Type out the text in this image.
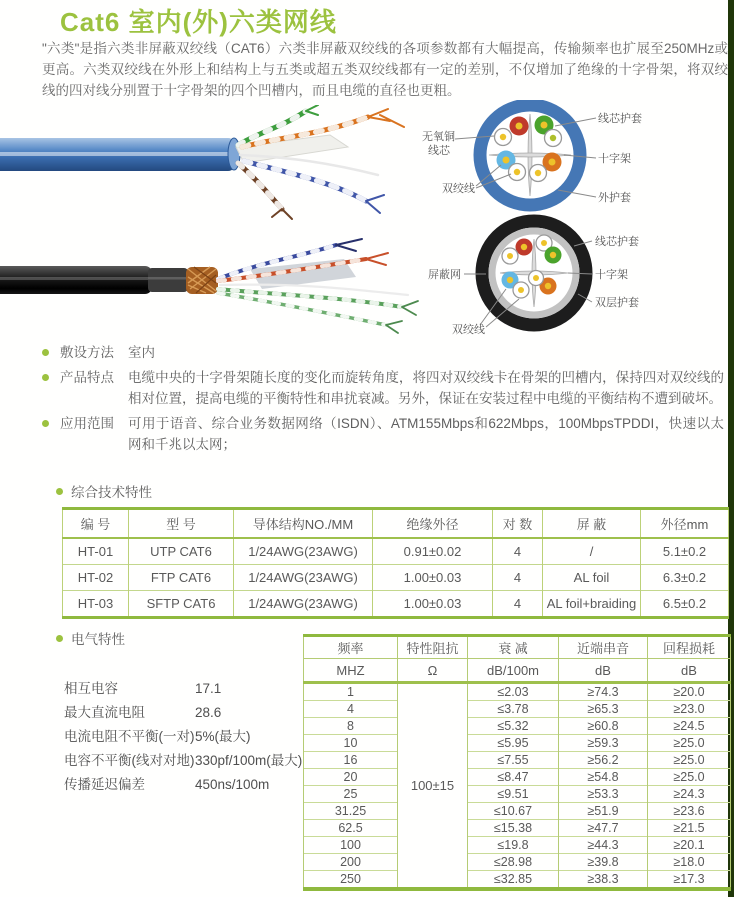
Cat6 室内(外)六类网线

"六类"是指六类非屏蔽双绞线（CAT6）六类非屏蔽双绞线的各项参数都有大幅提高，传输频率也扩展至250MHz或更高。六类双绞线在外形上和结构上与五类或超五类双绞线都有一定的差别，不仅增加了绝缘的十字骨架，将双绞线的四对线分别置于十字骨架的四个凹槽内，而且电缆的直径也更粗。

线芯护套
十字架
外护套
无氧铜
线芯
双绞线
线芯护套
十字架
双层护套
屏蔽网
双绞线
敷设方法	室内
产品特点	电缆中央的十字骨架随长度的变化而旋转角度，将四对双绞线卡在骨架的凹槽内，保持四对双绞线的相对位置，提高电缆的平衡特性和串扰衰减。另外，保证在安装过程中电缆的平衡结构不遭到破坏。
应用范围	可用于语音、综合业务数据网络（ISDN）、ATM155Mbps和622Mbps，100MbpsTPDDI，快速以太网和千兆以太网；
综合技术特性
编 号	型 号	导体结构NO./MM	绝缘外径	对 数	屏 蔽	外径mm
HT-01	UTP CAT6	1/24AWG(23AWG)	0.91±0.02	4	/	5.1±0.2
HT-02	FTP CAT6	1/24AWG(23AWG)	1.00±0.03	4	AL foil	6.3±0.2
HT-03	SFTP CAT6	1/24AWG(23AWG)	1.00±0.03	4	AL foil+braiding	6.5±0.2
电气特性
相互电容	17.1
最大直流电阻	28.6
电流电阻不平衡(一对) 5%(最大)
电容不平衡(线对对地) 330pf/100m(最大)
传播延迟偏差	450ns/100m
频率	特性阻抗	衰 减	近端串音	回程损耗
MHZ	Ω	dB/100m	dB	dB
1	100±15	≤2.03	≥74.3	≥20.0
4		≤3.78	≥65.3	≥23.0
8		≤5.32	≥60.8	≥24.5
10		≤5.95	≥59.3	≥25.0
16		≤7.55	≥56.2	≥25.0
20		≤8.47	≥54.8	≥25.0
25		≤9.51	≥53.3	≥24.3
31.25		≤10.67	≥51.9	≥23.6
62.5		≤15.38	≥47.7	≥21.5
100		≤19.8	≥44.3	≥20.1
200		≤28.98	≥39.8	≥18.0
250		≤32.85	≥38.3	≥17.3
